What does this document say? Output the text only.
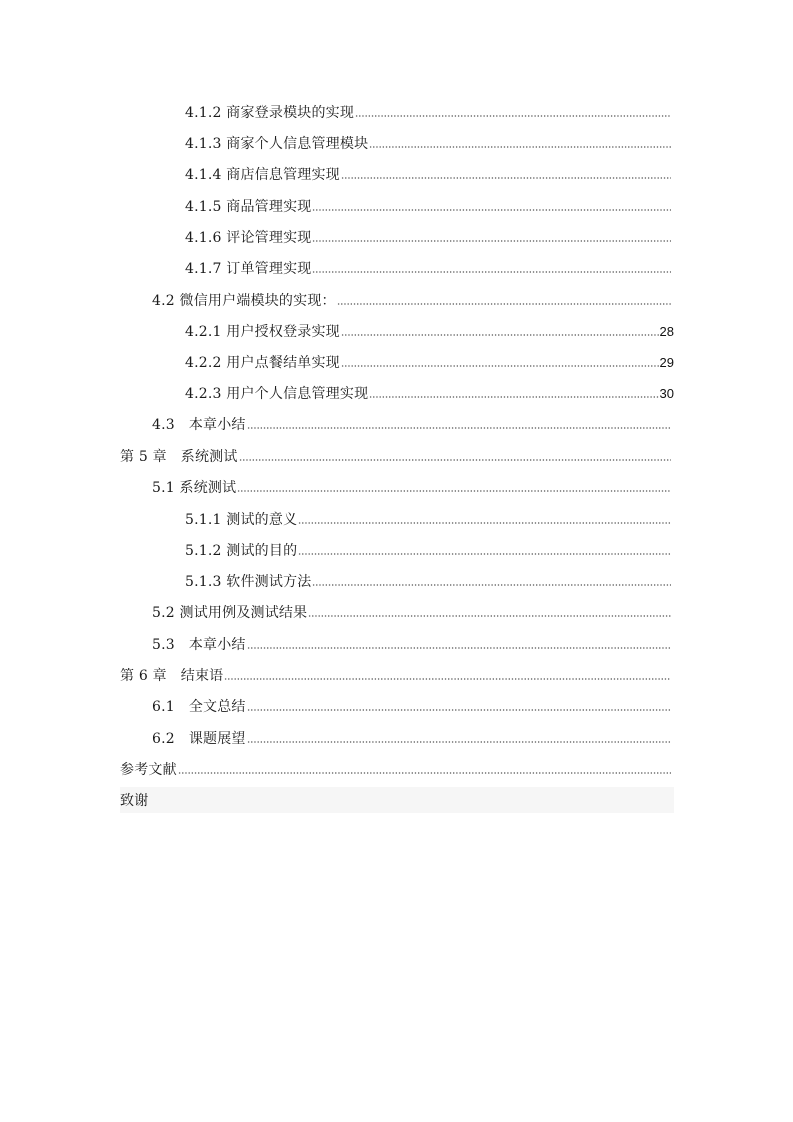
4.1.2 商家登录模块的实现
4.1.3 商家个人信息管理模块
4.1.4 商店信息管理实现
4.1.5 商品管理实现
4.1.6 评论管理实现
4.1.7 订单管理实现
4.2 微信用户端模块的实现：
4.2.1 用户授权登录实现	28
4.2.2 用户点餐结单实现	29
4.2.3 用户个人信息管理实现	30
4.3   本章小结
第 5 章   系统测试
5.1 系统测试
5.1.1 测试的意义
5.1.2 测试的目的
5.1.3 软件测试方法
5.2 测试用例及测试结果
5.3   本章小结
第 6 章   结束语
6.1   全文总结
6.2   课题展望
参考文献
致谢
